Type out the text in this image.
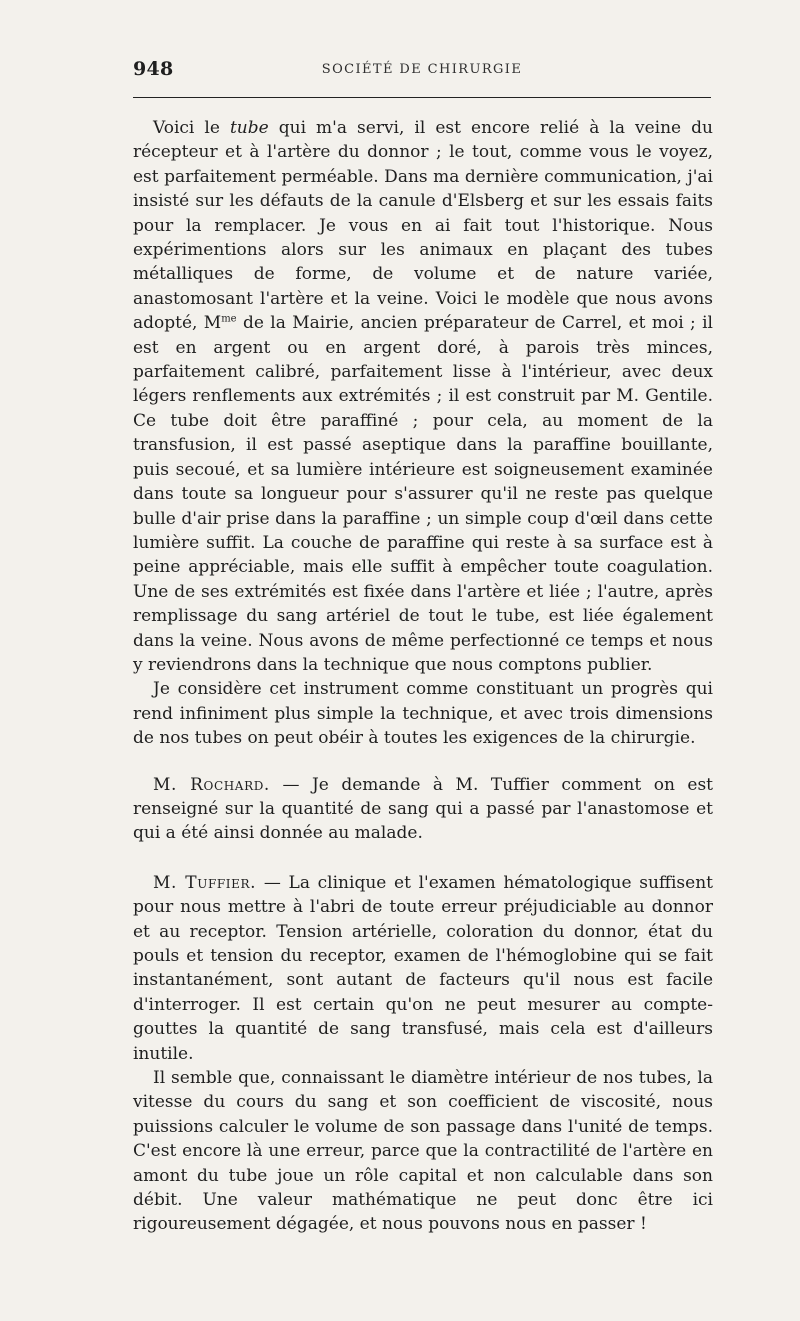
948	SOCIÉTÉ DE CHIRURGIE

Voici le tube qui m'a servi, il est encore relié à la veine du récepteur et à l'artère du donnor ; le tout, comme vous le voyez, est parfaitement perméable. Dans ma dernière communication, j'ai insisté sur les défauts de la canule d'Elsberg et sur les essais faits pour la remplacer. Je vous en ai fait tout l'historique. Nous expérimentions alors sur les animaux en plaçant des tubes métalliques de forme, de volume et de nature variée, anastomosant l'artère et la veine. Voici le modèle que nous avons adopté, $M^{me}$ de la Mairie, ancien préparateur de Carrel, et moi ; il est en argent ou en argent doré, à parois très minces, parfaitement calibré, parfaitement lisse à l'intérieur, avec deux légers renflements aux extrémités ; il est construit par M. Gentile. Ce tube doit être paraffiné ; pour cela, au moment de la transfusion, il est passé aseptique dans la paraffine bouillante, puis secoué, et sa lumière intérieure est soigneusement examinée dans toute sa longueur pour s'assurer qu'il ne reste pas quelque bulle d'air prise dans la paraffine ; un simple coup d'œil dans cette lumière suffit. La couche de paraffine qui reste à sa surface est à peine appréciable, mais elle suffit à empêcher toute coagulation. Une de ses extrémités est fixée dans l'artère et liée ; l'autre, après remplissage du sang artériel de tout le tube, est liée également dans la veine. Nous avons de même perfectionné ce temps et nous y reviendrons dans la technique que nous comptons publier.

Je considère cet instrument comme constituant un progrès qui rend infiniment plus simple la technique, et avec trois dimensions de nos tubes on peut obéir à toutes les exigences de la chirurgie.

M. Rochard. — Je demande à M. Tuffier comment on est renseigné sur la quantité de sang qui a passé par l'anastomose et qui a été ainsi donnée au malade.

M. Tuffier. — La clinique et l'examen hématologique suffisent pour nous mettre à l'abri de toute erreur préjudiciable au donnor et au receptor. Tension artérielle, coloration du donnor, état du pouls et tension du receptor, examen de l'hémoglobine qui se fait instantanément, sont autant de facteurs qu'il nous est facile d'interroger. Il est certain qu'on ne peut mesurer au compte-gouttes la quantité de sang transfusé, mais cela est d'ailleurs inutile.

Il semble que, connaissant le diamètre intérieur de nos tubes, la vitesse du cours du sang et son coefficient de viscosité, nous puissions calculer le volume de son passage dans l'unité de temps. C'est encore là une erreur, parce que la contractilité de l'artère en amont du tube joue un rôle capital et non calculable dans son débit. Une valeur mathématique ne peut donc être ici rigoureusement dégagée, et nous pouvons nous en passer !
